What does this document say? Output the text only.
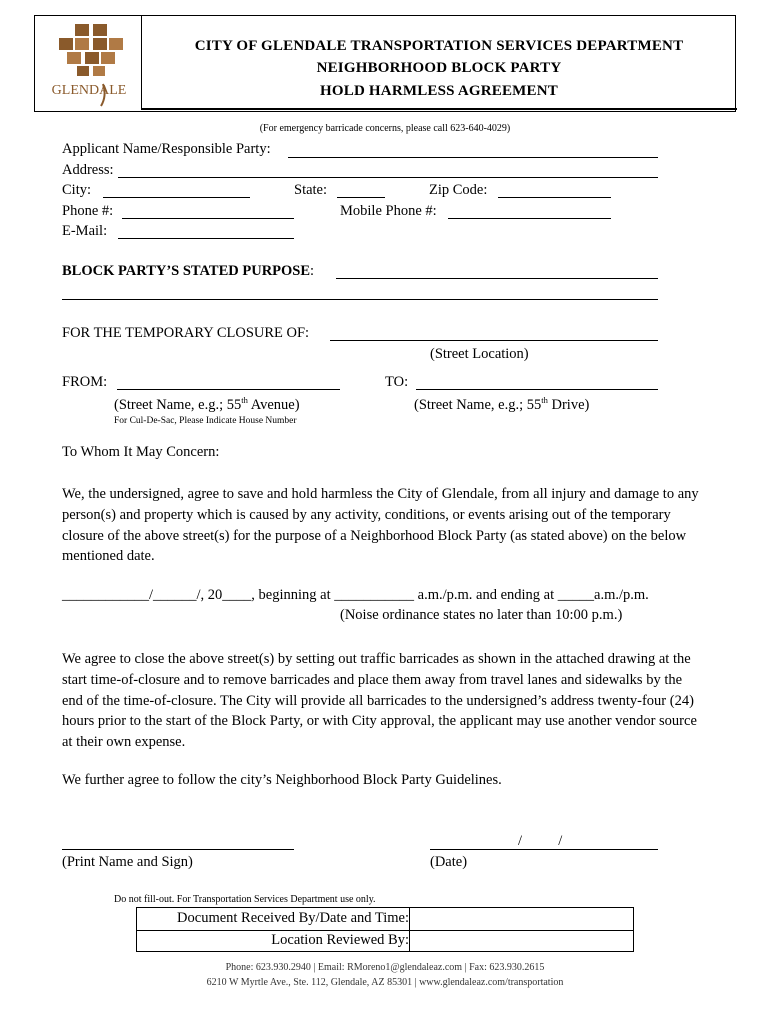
GLENDALE
CITY OF GLENDALE TRANSPORTATION SERVICES DEPARTMENT
NEIGHBORHOOD BLOCK PARTY
HOLD HARMLESS AGREEMENT
(For emergency barricade concerns, please call 623-640-4029)
Applicant Name/Responsible Party:
Address:
City:	State:	Zip Code:
Phone #:	Mobile Phone #:
E-Mail:
BLOCK PARTY’S STATED PURPOSE:
FOR THE TEMPORARY CLOSURE OF:
(Street Location)
FROM:	TO:
(Street Name, e.g.; 55th Avenue)	(Street Name, e.g.; 55th Drive)
For Cul-De-Sac, Please Indicate House Number
To Whom It May Concern:
We, the undersigned, agree to save and hold harmless the City of Glendale, from all injury and damage to any person(s) and property which is caused by any activity, conditions, or events arising out of the temporary closure of the above street(s) for the purpose of a Neighborhood Block Party (as stated above) on the below mentioned date.
____________/______/, 20____, beginning at ___________ a.m./p.m. and ending at _____a.m./p.m.
(Noise ordinance states no later than 10:00 p.m.)
We agree to close the above street(s) by setting out traffic barricades as shown in the attached drawing at the start time-of-closure and to remove barricades and place them away from travel lanes and sidewalks by the end of the time-of-closure. The City will provide all barricades to the undersigned’s address twenty-four (24) hours prior to the start of the Block Party, or with City approval, the applicant may use another vendor source at their own expense.
We further agree to follow the city’s Neighborhood Block Party Guidelines.
/          /
(Print Name and Sign)	(Date)
Do not fill-out. For Transportation Services Department use only.
Document Received By/Date and Time:
Location Reviewed By:
Phone: 623.930.2940 | Email: RMoreno1@glendaleaz.com | Fax: 623.930.2615
6210 W Myrtle Ave., Ste. 112, Glendale, AZ 85301 | www.glendaleaz.com/transportation
